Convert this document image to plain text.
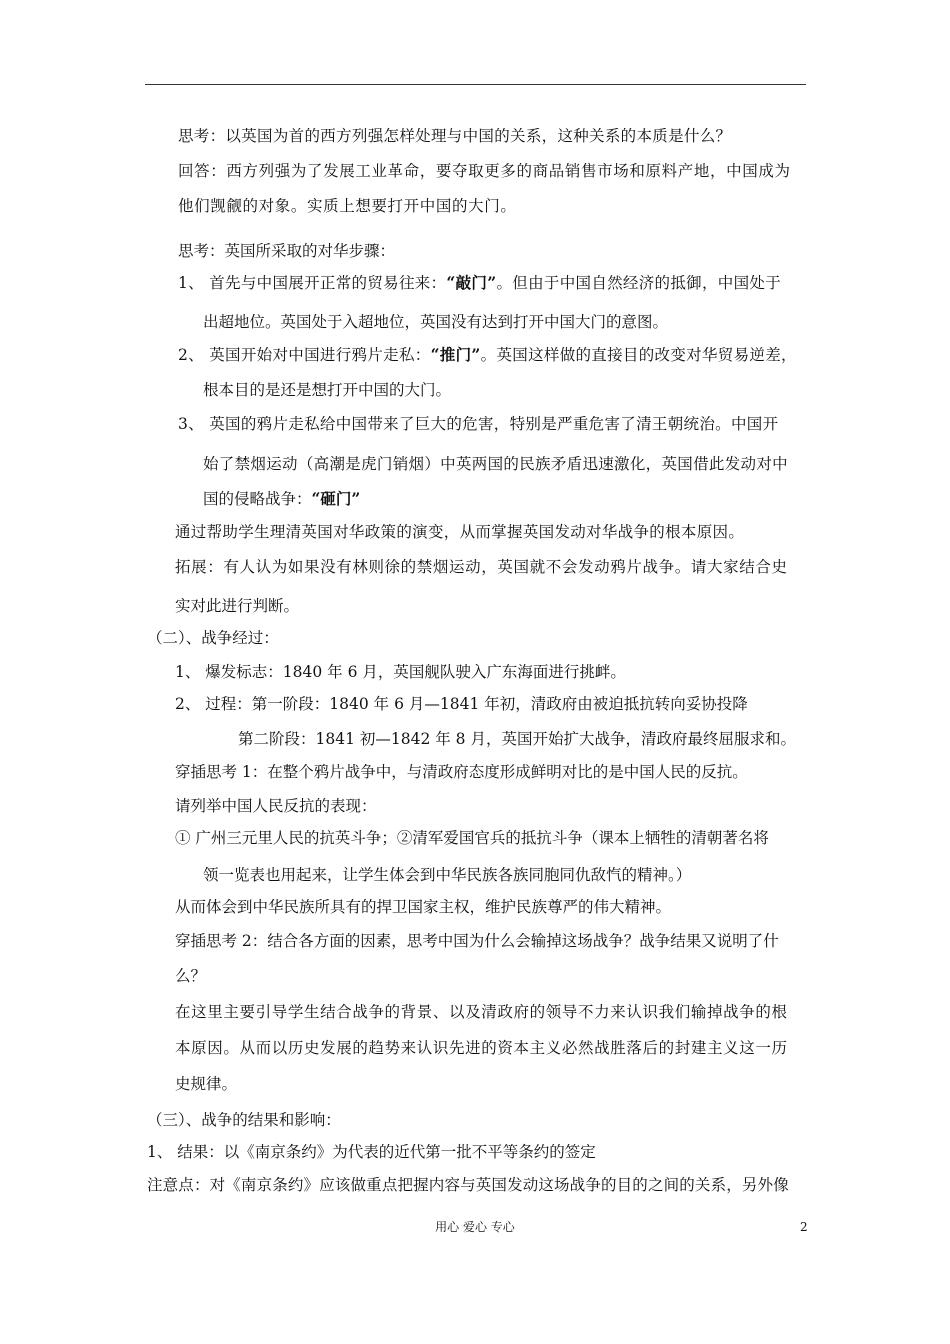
思考：以英国为首的西方列强怎样处理与中国的关系，这种关系的本质是什么？
回答：西方列强为了发展工业革命，要夺取更多的商品销售市场和原料产地，中国成为
他们觊觎的对象。实质上想要打开中国的大门。
思考：英国所采取的对华步骤：
1、 首先与中国展开正常的贸易往来：“敲门”。但由于中国自然经济的抵御，中国处于
出超地位。英国处于入超地位，英国没有达到打开中国大门的意图。
2、 英国开始对中国进行鸦片走私：“推门”。英国这样做的直接目的改变对华贸易逆差，
根本目的是还是想打开中国的大门。
3、 英国的鸦片走私给中国带来了巨大的危害，特别是严重危害了清王朝统治。中国开
始了禁烟运动（高潮是虎门销烟）中英两国的民族矛盾迅速激化，英国借此发动对中
国的侵略战争：“砸门”
通过帮助学生理清英国对华政策的演变，从而掌握英国发动对华战争的根本原因。
拓展：有人认为如果没有林则徐的禁烟运动，英国就不会发动鸦片战争。请大家结合史
实对此进行判断。
（二）、战争经过：
1、 爆发标志：1840 年 6 月，英国舰队驶入广东海面进行挑衅。
2、 过程：第一阶段：1840 年 6 月—1841 年初，清政府由被迫抵抗转向妥协投降
第二阶段：1841 初—1842 年 8 月，英国开始扩大战争，清政府最终屈服求和。
穿插思考 1：在整个鸦片战争中，与清政府态度形成鲜明对比的是中国人民的反抗。
请列举中国人民反抗的表现：
① 广州三元里人民的抗英斗争；②清军爱国官兵的抵抗斗争（课本上牺牲的清朝著名将
领一览表也用起来，让学生体会到中华民族各族同胞同仇敌忾的精神。）
从而体会到中华民族所具有的捍卫国家主权，维护民族尊严的伟大精神。
穿插思考 2：结合各方面的因素，思考中国为什么会输掉这场战争？战争结果又说明了什
么？
在这里主要引导学生结合战争的背景、以及清政府的领导不力来认识我们输掉战争的根
本原因。从而以历史发展的趋势来认识先进的资本主义必然战胜落后的封建主义这一历
史规律。
（三）、战争的结果和影响：
1、 结果：以《南京条约》为代表的近代第一批不平等条约的签定
注意点：对《南京条约》应该做重点把握内容与英国发动这场战争的目的之间的关系，另外像
用心 爱心 专心	2
